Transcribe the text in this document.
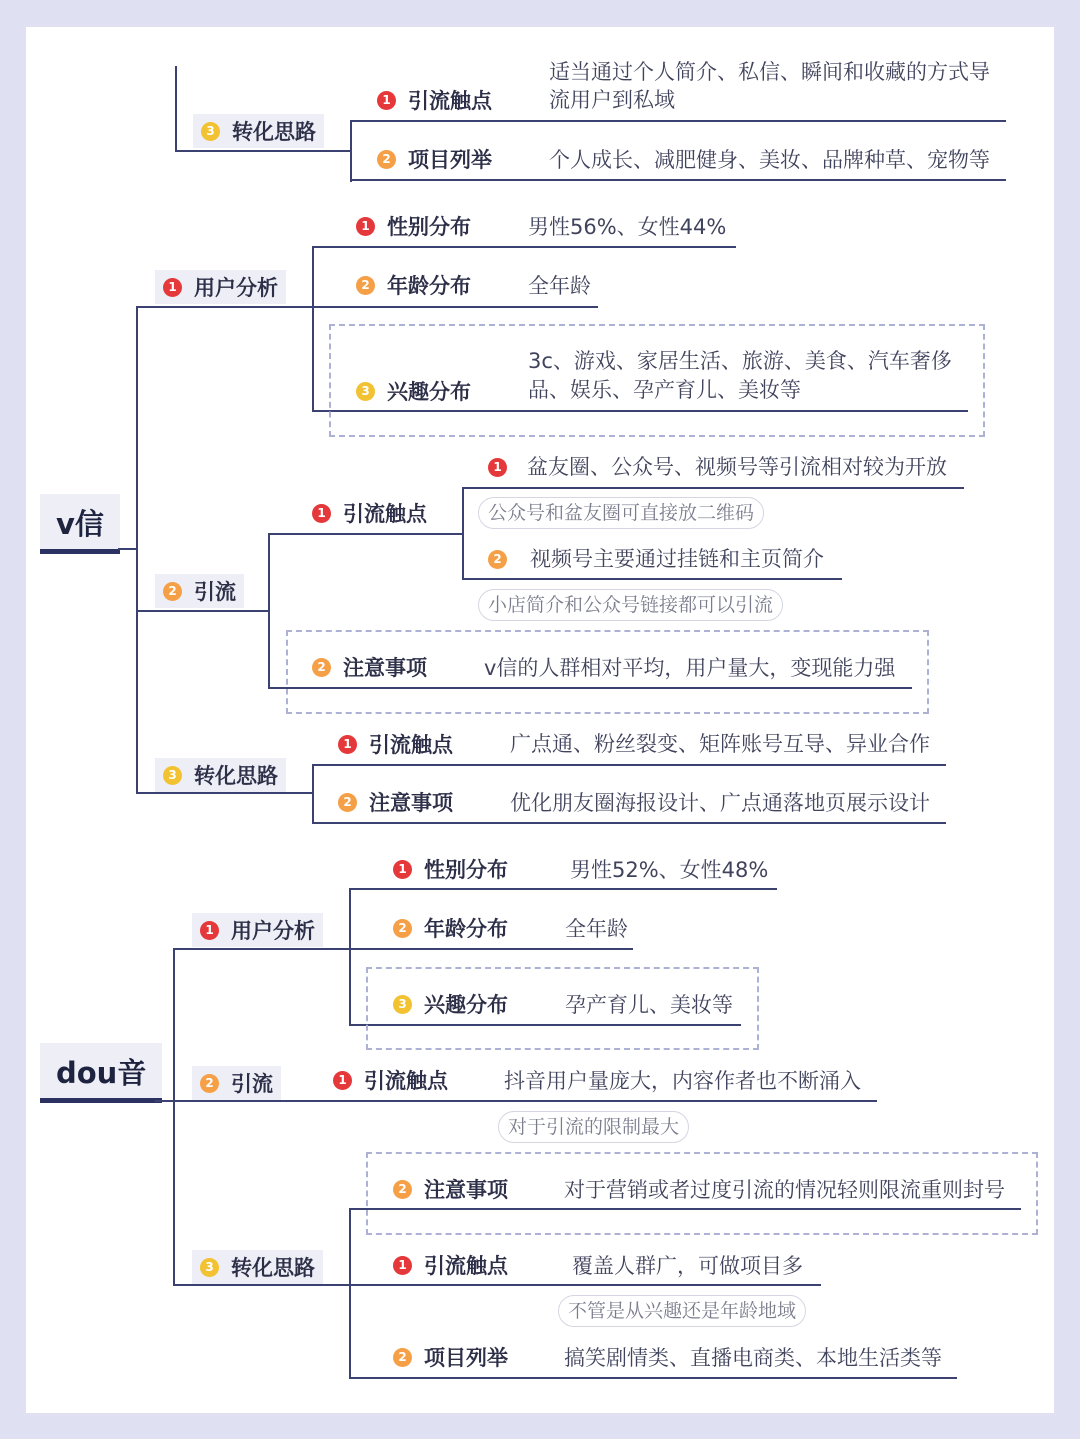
3 转化思路
1 引流触点
适当通过个人简介、私信、瞬间和收藏的方式导
流用户到私域
2 项目列举	个人成长、减肥健身、美妆、品牌种草、宠物等
v信
1 用户分析
1 性别分布	男性56%、女性44%
2 年龄分布	全年龄
3 兴趣分布
3c、游戏、家居生活、旅游、美食、汽车奢侈
品、娱乐、孕产育儿、美妆等
2 引流
1 引流触点
1 盆友圈、公众号、视频号等引流相对较为开放
公众号和盆友圈可直接放二维码
2 视频号主要通过挂链和主页简介
小店简介和公众号链接都可以引流
2 注意事项	v信的人群相对平均，用户量大，变现能力强
3 转化思路
1 引流触点	广点通、粉丝裂变、矩阵账号互导、异业合作
2 注意事项	优化朋友圈海报设计、广点通落地页展示设计
dou音
1 用户分析
1 性别分布	男性52%、女性48%
2 年龄分布	全年龄
3 兴趣分布	孕产育儿、美妆等
2 引流	1 引流触点	抖音用户量庞大，内容作者也不断涌入
对于引流的限制最大
3 转化思路
2 注意事项	对于营销或者过度引流的情况轻则限流重则封号
1 引流触点	覆盖人群广，可做项目多
不管是从兴趣还是年龄地域
2 项目列举	搞笑剧情类、直播电商类、本地生活类等
